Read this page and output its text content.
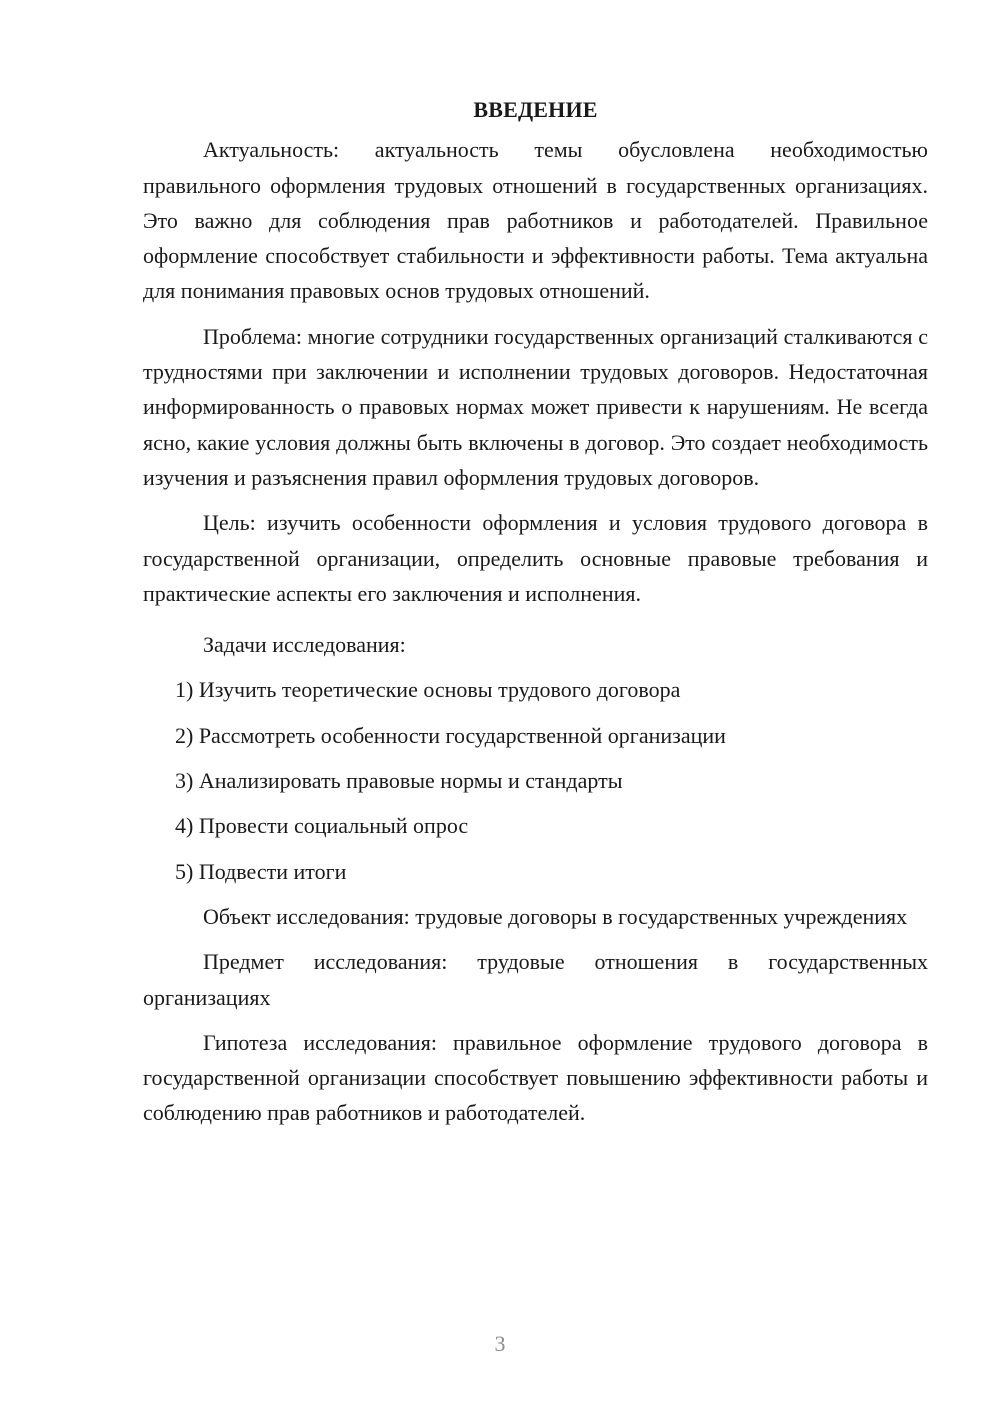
ВВЕДЕНИЕ

Актуальность: актуальность темы обусловлена необходимостью правильного оформления трудовых отношений в государственных организациях. Это важно для соблюдения прав работников и работодателей. Правильное оформление способствует стабильности и эффективности работы. Тема актуальна для понимания правовых основ трудовых отношений.

Проблема: многие сотрудники государственных организаций сталкиваются с трудностями при заключении и исполнении трудовых договоров. Недостаточная информированность о правовых нормах может привести к нарушениям. Не всегда ясно, какие условия должны быть включены в договор. Это создает необходимость изучения и разъяснения правил оформления трудовых договоров.

Цель: изучить особенности оформления и условия трудового договора в государственной организации, определить основные правовые требования и практические аспекты его заключения и исполнения.

Задачи исследования:

1) Изучить теоретические основы трудового договора
2) Рассмотреть особенности государственной организации
3) Анализировать правовые нормы и стандарты
4) Провести социальный опрос
5) Подвести итоги

Объект исследования: трудовые договоры в государственных учреждениях

Предмет исследования: трудовые отношения в государственных организациях

Гипотеза исследования: правильное оформление трудового договора в государственной организации способствует повышению эффективности работы и соблюдению прав работников и работодателей.

3
